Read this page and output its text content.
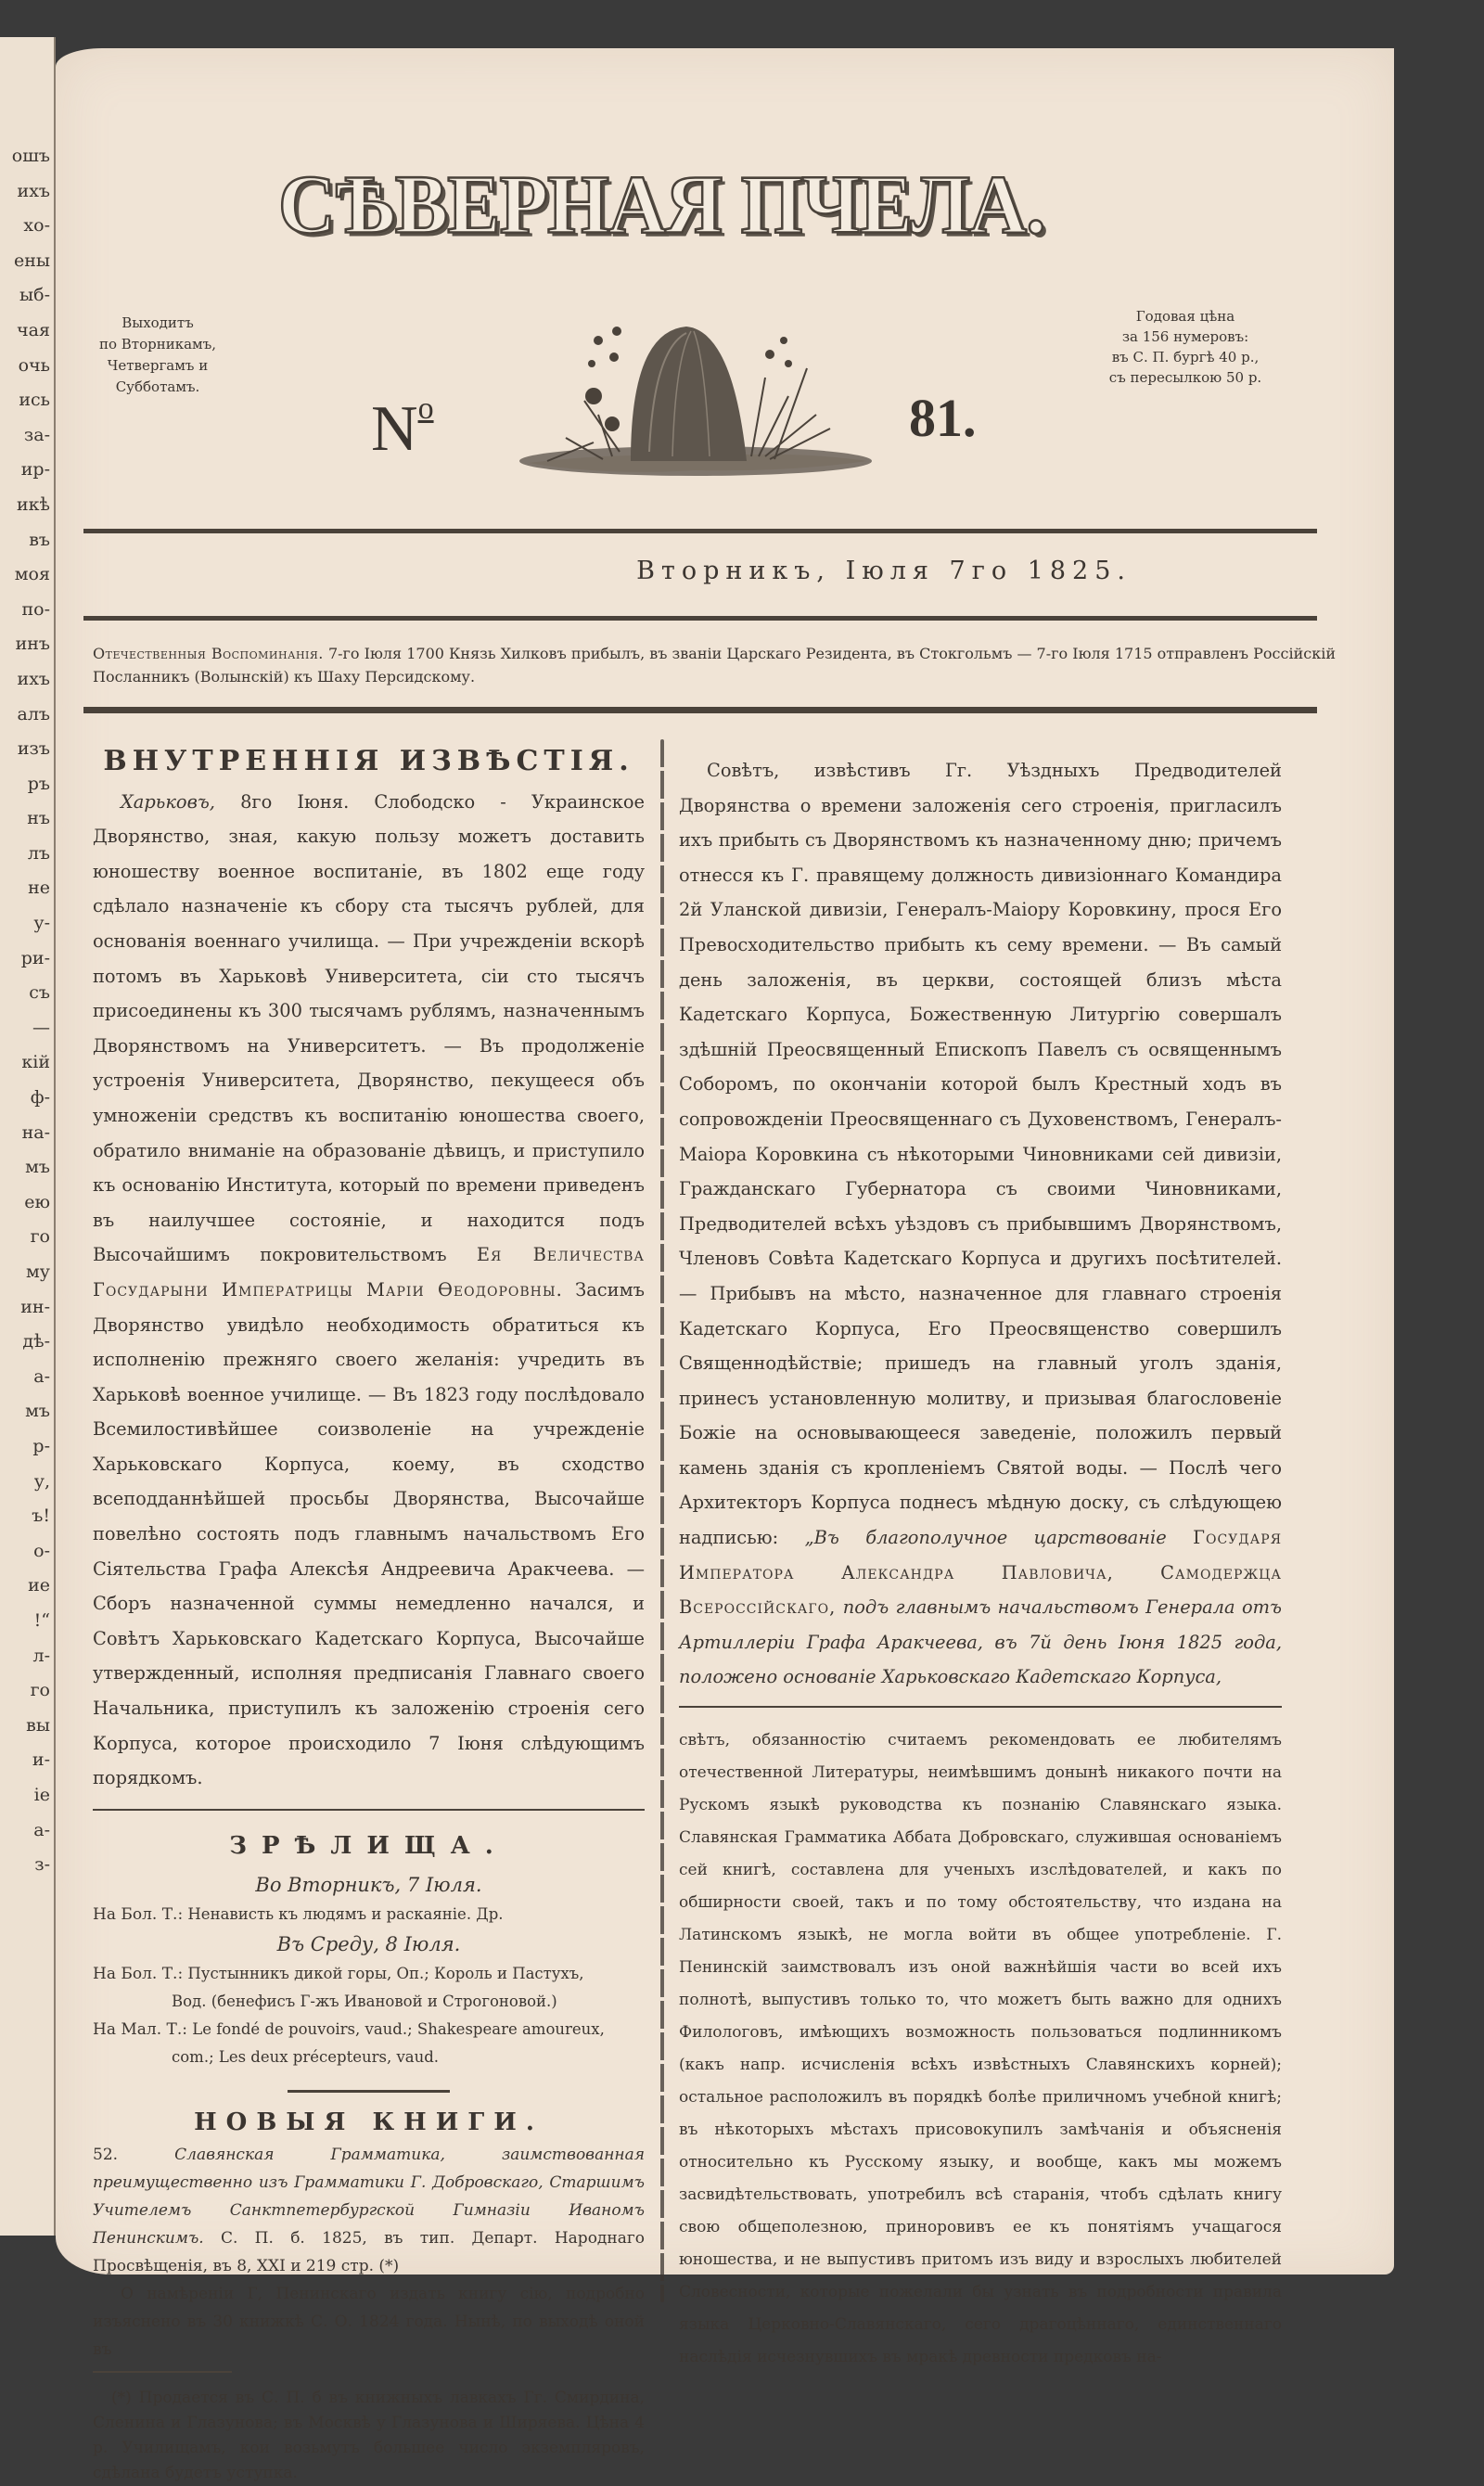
ошъ
ихъ
хо-
ены
ыб-
чая
очь
ись
за-
ир-
икѣ
въ
моя
по-
инъ
ихъ
алъ
изъ
ръ
нъ
лъ
не
у-
ри-
съ
—
кій
ф-
на-
мъ
ею
го
му
ин-
дѣ-
а-
мъ
р-
у,
ъ!
о-
ие
!“
л-
го
вы
и-
іе
а-
з-
СѢВЕРНАЯ ПЧЕЛА.
Выходитъ
по Вторникамъ,
Четвергамъ и
Субботамъ.
Годовая цѣна
за 156 нумеровъ:
въ С. П. бургѣ 40 р.,
съ пересылкою 50 р.
$N^о$	81.
Вторникъ, Іюля 7го 1825.
Отечественныя Воспоминанія. 7-го Іюля 1700 Князь Хилковъ прибылъ, въ званіи Царскаго Резидента, въ Стокгольмъ — 7-го Іюля 1715 отправленъ Россійскій Посланникъ (Волынскій) къ Шаху Персидскому.
ВНУТРЕННІЯ ИЗВѢСТІЯ.

Харьковъ, 8го Іюня. Слободско - Украинское Дворянство, зная, какую пользу можетъ доставить юношеству военное воспитаніе, въ 1802 еще году сдѣлало назначеніе къ сбору ста тысячъ рублей, для основанія военнаго училища. — При учрежденіи вскорѣ потомъ въ Харьковѣ Университета, сіи сто тысячъ присоединены къ 300 тысячамъ рублямъ, назначеннымъ Дворянствомъ на Университетъ. — Въ продолженіе устроенія Университета, Дворянство, пекущееся объ умноженіи средствъ къ воспитанію юношества своего, обратило вниманіе на образованіе дѣвицъ, и приступило къ основанію Института, который по времени приведенъ въ наилучшее состояніе, и находится подъ Высочайшимъ покровительствомъ Ея Величества Государыни Императрицы Маріи Ѳеодоровны. Засимъ Дворянство увидѣло необходимость обратиться къ исполненію прежняго своего желанія: учредить въ Харьковѣ военное училище. — Въ 1823 году послѣдовало Всемилостивѣйшее соизволеніе на учрежденіе Харьковскаго Корпуса, коему, въ сходство всеподданнѣйшей просьбы Дворянства, Высочайше повелѣно состоять подъ главнымъ начальствомъ Его Сіятельства Графа Алексѣя Андреевича Аракчеева. — Сборъ назначенной суммы немедленно начался, и Совѣтъ Харьковскаго Кадетскаго Корпуса, Высочайше утвержденный, исполняя предписанія Главнаго своего Начальника, приступилъ къ заложенію строенія сего Корпуса, которое происходило 7 Іюня слѣдующимъ порядкомъ.

ЗРѢЛИЩА.
Во Вторникъ, 7 Іюля.

На Бол. Т.: Ненависть къ людямъ и раскаяніе. Др.

Въ Среду, 8 Іюля.

На Бол. Т.: Пустынникъ дикой горы, Оп.; Король и Пастухъ,

Вод. (бенефисъ Г-жъ Ивановой и Строгоновой.)

На Мал. Т.: Le fondé de pouvoirs, vaud.; Shakespeare amoureux,

com.; Les deux précepteurs, vaud.

НОВЫЯ КНИГИ.

52.	Славянская Грамматика, заимствованная преимущественно изъ Грамматики Г. Добровскаго, Старшимъ Учителемъ Санктпетербургской Гимназіи Иваномъ Пенинскимъ. С. П. б. 1825, въ тип. Департ. Народнаго Просвѣщенія, въ 8, XXI и 219 стр. (*)

О намѣреніи Г, Пенинскаго издать книгу сію, подробно изъяснено въ 30 книжкѣ С. О. 1824 года. Нынѣ, по выходѣ оной въ

(*) Продается въ С. П. б въ книжныхъ лавкахъ Гг. Смирдина, Сленина и Глазунова; въ Москвѣ у Глазунова и Ширяева. Цѣна 4 р. Училищамъ, кои возьмутъ большее число экземпляровъ, сдѣлана будетъ уступка.

Совѣтъ, извѣстивъ Гг. Уѣздныхъ Предводителей Дворянства о времени заложенія сего строенія, пригласилъ ихъ прибыть съ Дворянствомъ къ назначенному дню; причемъ отнесся къ Г. правящему должность дивизіоннаго Командира 2й Уланской дивизіи, Генералъ-Маіору Коровкину, прося Его Превосходительство прибыть къ сему времени. — Въ самый день заложенія, въ церкви, состоящей близъ мѣста Кадетскаго Корпуса, Божественную Литургію совершалъ здѣшній Преосвященный Епископъ Павелъ съ освященнымъ Соборомъ, по окончаніи которой былъ Крестный ходъ въ сопровожденіи Преосвященнаго съ Духовенствомъ, Генералъ-Маіора Коровкина съ нѣкоторыми Чиновниками сей дивизіи, Гражданскаго Губернатора съ своими Чиновниками, Предводителей всѣхъ уѣздовъ съ прибывшимъ Дворянствомъ, Членовъ Совѣта Кадетскаго Корпуса и другихъ посѣтителей. — Прибывъ на мѣсто, назначенное для главнаго строенія Кадетскаго Корпуса, Его Преосвященство совершилъ Священнодѣйствіе; пришедъ на главный уголъ зданія, принесъ установленную молитву, и призывая благословеніе Божіе на основывающееся заведеніе, положилъ первый камень зданія съ кропленіемъ Святой воды. — Послѣ чего Архитекторъ Корпуса поднесъ мѣдную доску, съ слѣдующею надписью: „Въ благополучное царствованіе Государя Императора Александра Павловича, Самодержца Всероссійскаго, подъ главнымъ начальствомъ Генерала отъ Артиллеріи Графа Аракчеева, въ 7й день Іюня 1825 года, положено основаніе Харьковскаго Кадетскаго Корпуса,

свѣтъ, обязанностію считаемъ рекомендовать ее любителямъ отечественной Литературы, неимѣвшимъ донынѣ никакого почти на Рускомъ языкѣ руководства къ познанію Славянскаго языка. Славянская Грамматика Аббата Добровскаго, служившая основаніемъ сей книгѣ, составлена для ученыхъ изслѣдователей, и какъ по обширности своей, такъ и по тому обстоятельству, что издана на Латинскомъ языкѣ, не могла войти въ общее употребленіе. Г. Пенинскій заимствовалъ изъ оной важнѣйшія части во всей ихъ полнотѣ, выпустивъ только то, что можетъ быть важно для однихъ Филологовъ, имѣющихъ возможность пользоваться подлинникомъ (какъ напр. исчисленія всѣхъ извѣстныхъ Славянскихъ корней); остальное расположилъ въ порядкѣ болѣе приличномъ учебной книгѣ; въ нѣкоторыхъ мѣстахъ присовокупилъ замѣчанія и объясненія относительно къ Русскому языку, и вообще, какъ мы можемъ засвидѣтельствовать, употребилъ всѣ старанія, чтобъ сдѣлать книгу свою общеполезною, приноровивъ ее къ понятіямъ учащагося юношества, и не выпустивъ притомъ изъ виду и взрослыхъ любителей Словесности, которые пожелали бы узнать въ подробности правила языка Церковно-Славянскаго, сего драгоцѣннаго, единственнаго наслѣдія исчезнувшихъ въ мракѣ древности предковъ на-
